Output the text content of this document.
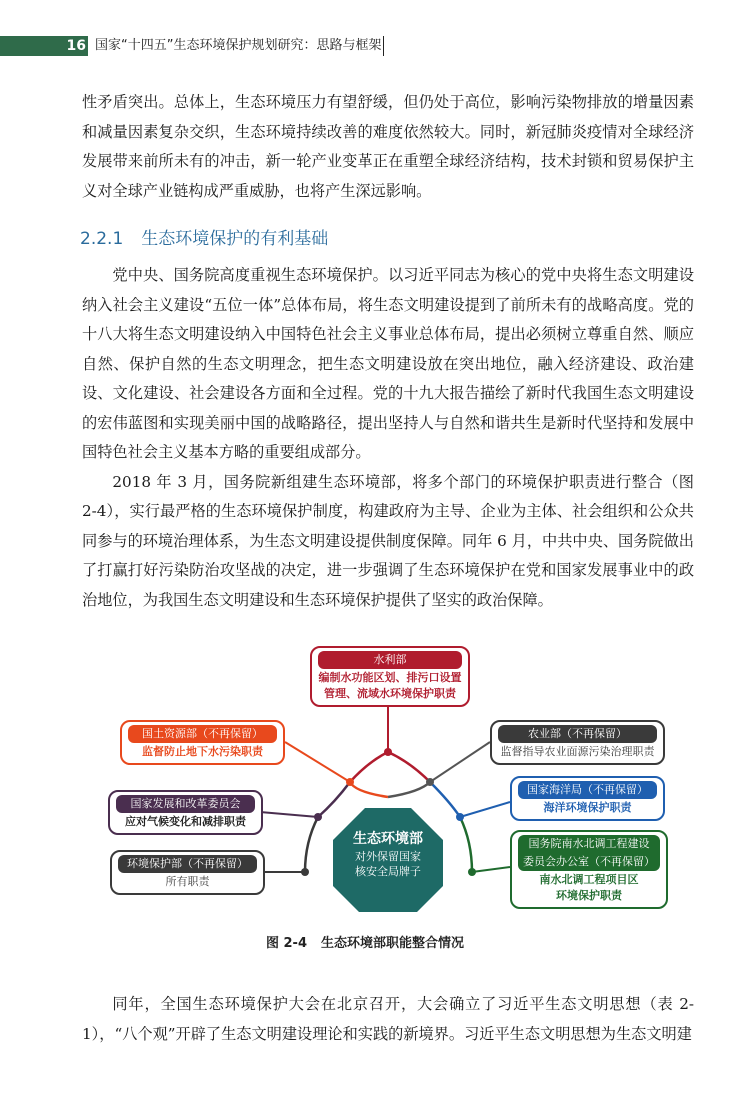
16 国家“十四五”生态环境保护规划研究：思路与框架

性矛盾突出。总体上，生态环境压力有望舒缓，但仍处于高位，影响污染物排放的增量因素和减量因素复杂交织，生态环境持续改善的难度依然较大。同时，新冠肺炎疫情对全球经济发展带来前所未有的冲击，新一轮产业变革正在重塑全球经济结构，技术封锁和贸易保护主义对全球产业链构成严重威胁，也将产生深远影响。

2.2.1 生态环境保护的有利基础

党中央、国务院高度重视生态环境保护。以习近平同志为核心的党中央将生态文明建设纳入社会主义建设“五位一体”总体布局，将生态文明建设提到了前所未有的战略高度。党的十八大将生态文明建设纳入中国特色社会主义事业总体布局，提出必须树立尊重自然、顺应自然、保护自然的生态文明理念，把生态文明建设放在突出地位，融入经济建设、政治建设、文化建设、社会建设各方面和全过程。党的十九大报告描绘了新时代我国生态文明建设的宏伟蓝图和实现美丽中国的战略路径，提出坚持人与自然和谐共生是新时代坚持和发展中国特色社会主义基本方略的重要组成部分。

2018 年 3 月，国务院新组建生态环境部，将多个部门的环境保护职责进行整合（图 2-4），实行最严格的生态环境保护制度，构建政府为主导、企业为主体、社会组织和公众共同参与的环境治理体系，为生态文明建设提供制度保障。同年 6 月，中共中央、国务院做出了打赢打好污染防治攻坚战的决定，进一步强调了生态环境保护在党和国家发展事业中的政治地位，为我国生态文明建设和生态环境保护提供了坚实的政治保障。

生态环境部
对外保留国家
核安全局牌子
水利部
编制水功能区划、排污口设置
管理、流域水环境保护职责
国土资源部（不再保留）
监督防止地下水污染职责
农业部（不再保留）
监督指导农业面源污染治理职责
国家发展和改革委员会
应对气候变化和减排职责
国家海洋局（不再保留）
海洋环境保护职责
环境保护部（不再保留）
所有职责
国务院南水北调工程建设
委员会办公室（不再保留）
南水北调工程项目区
环境保护职责
图 2-4 生态环境部职能整合情况

同年，全国生态环境保护大会在北京召开，大会确立了习近平生态文明思想（表 2-1），“八个观”开辟了生态文明建设理论和实践的新境界。习近平生态文明思想为生态文明建
